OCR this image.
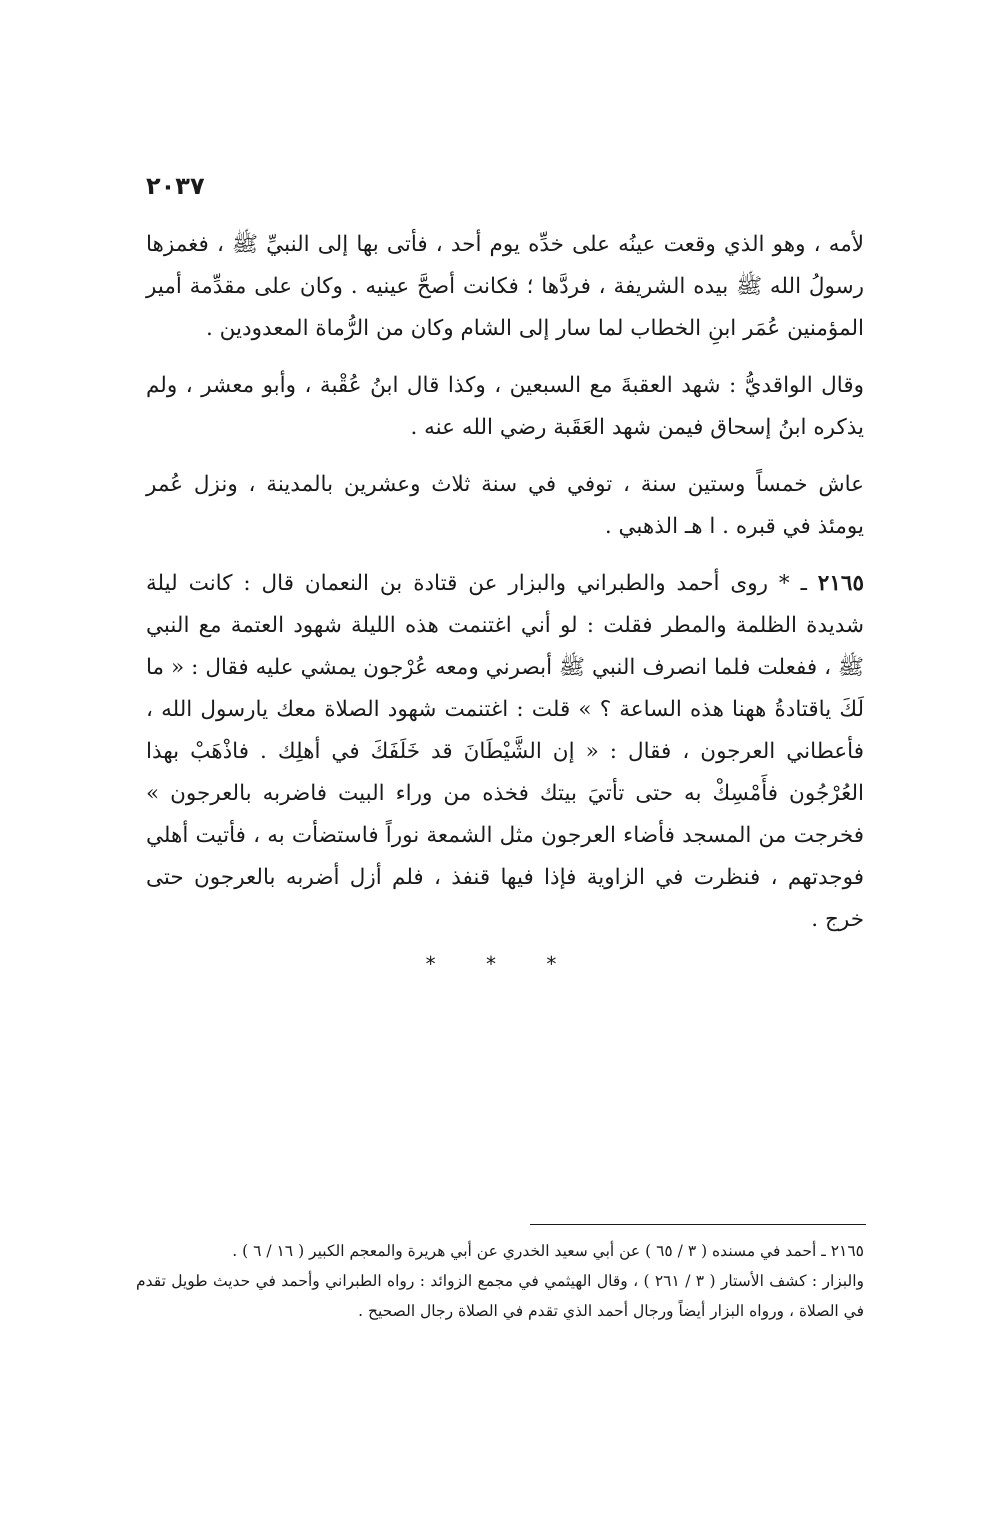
٢٠٣٧

لأمه ، وهو الذي وقعت عينُه على خدِّه يوم أحد ، فأتى بها إلى النبيِّ ﷺ ، فغمزها رسولُ الله ﷺ بيده الشريفة ، فردَّها ؛ فكانت أصحَّ عينيه . وكان على مقدِّمة أمير المؤمنين عُمَر ابنِ الخطاب لما سار إلى الشام وكان من الرُّماة المعدودين .

وقال الواقديُّ : شهد العقبةَ مع السبعين ، وكذا قال ابنُ عُقْبة ، وأبو معشر ، ولم يذكره ابنُ إسحاق فيمن شهد العَقَبة رضي الله عنه .

عاش خمساً وستين سنة ، توفي في سنة ثلاث وعشرين بالمدينة ، ونزل عُمر يومئذ في قبره . ا هـ الذهبي .

٢١٦٥ ـ * روى أحمد والطبراني والبزار عن قتادة بن النعمان قال : كانت ليلة شديدة الظلمة والمطر فقلت : لو أني اغتنمت هذه الليلة شهود العتمة مع النبي ﷺ ، ففعلت فلما انصرف النبي ﷺ أبصرني ومعه عُرْجون يمشي عليه فقال : « ما لَكَ ياقتادةُ ههنا هذه الساعة ؟ » قلت : اغتنمت شهود الصلاة معك يارسول الله ، فأعطاني العرجون ، فقال : « إن الشَّيْطَانَ قد خَلَفَكَ في أهلِك . فاذْهَبْ بهذا العُرْجُون فأَمْسِكْ به حتى تأتيَ بيتك فخذه من وراء البيت فاضربه بالعرجون » فخرجت من المسجد فأضاء العرجون مثل الشمعة نوراً فاستضأت به ، فأتيت أهلي فوجدتهم ، فنظرت في الزاوية فإذا فيها قنفذ ، فلم أزل أضربه بالعرجون حتى خرج .

* * *

٢١٦٥ ـ أحمد في مسنده ( ٣ / ٦٥ ) عن أبي سعيد الخدري عن أبي هريرة والمعجم الكبير ( ١٦ / ٦ ) .

والبزار : كشف الأستار ( ٣ / ٢٦١ ) ، وقال الهيثمي في مجمع الزوائد : رواه الطبراني وأحمد في حديث طويل تقدم في الصلاة ، ورواه البزار أيضاً ورجال أحمد الذي تقدم في الصلاة رجال الصحيح .
